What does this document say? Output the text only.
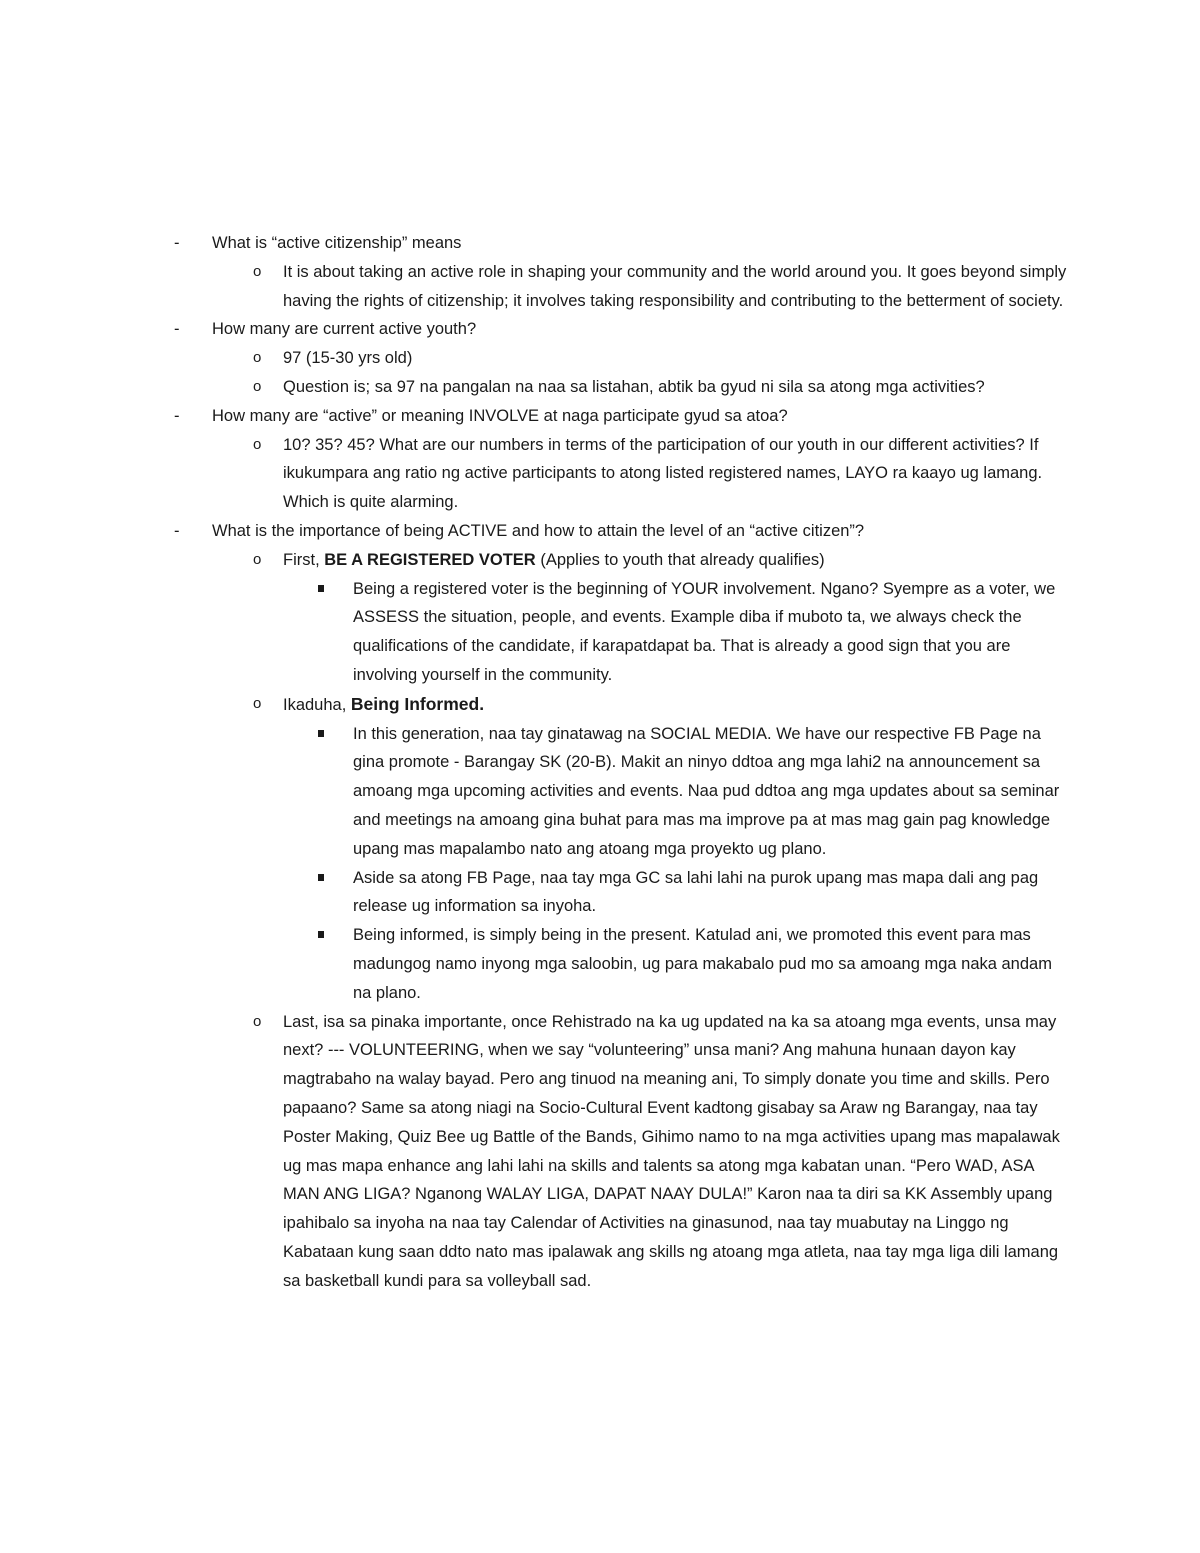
- What is “active citizenship” means
o It is about taking an active role in shaping your community and the world around you. It goes beyond simply having the rights of citizenship; it involves taking responsibility and contributing to the betterment of society.
- How many are current active youth?
o 97 (15-30 yrs old)
o Question is; sa 97 na pangalan na naa sa listahan, abtik ba gyud ni sila sa atong mga activities?
- How many are “active” or meaning INVOLVE at naga participate gyud sa atoa?
o 10? 35? 45? What are our numbers in terms of the participation of our youth in our different activities? If ikukumpara ang ratio ng active participants to atong listed registered names, LAYO ra kaayo ug lamang. Which is quite alarming.
- What is the importance of being ACTIVE and how to attain the level of an “active citizen”?
o First, BE A REGISTERED VOTER (Applies to youth that already qualifies)
Being a registered voter is the beginning of YOUR involvement. Ngano? Syempre as a voter, we ASSESS the situation, people, and events. Example diba if muboto ta, we always check the qualifications of the candidate, if karapatdapat ba. That is already a good sign that you are involving yourself in the community.
o Ikaduha, Being Informed.
In this generation, naa tay ginatawag na SOCIAL MEDIA. We have our respective FB Page na gina promote - Barangay SK (20-B). Makit an ninyo ddtoa ang mga lahi2 na announcement sa amoang mga upcoming activities and events. Naa pud ddtoa ang mga updates about sa seminar and meetings na amoang gina buhat para mas ma improve pa at mas mag gain pag knowledge upang mas mapalambo nato ang atoang mga proyekto ug plano.
Aside sa atong FB Page, naa tay mga GC sa lahi lahi na purok upang mas mapa dali ang pag release ug information sa inyoha.
Being informed, is simply being in the present. Katulad ani, we promoted this event para mas madungog namo inyong mga saloobin, ug para makabalo pud mo sa amoang mga naka andam na plano.
o Last, isa sa pinaka importante, once Rehistrado na ka ug updated na ka sa atoang mga events, unsa may next? --- VOLUNTEERING, when we say “volunteering” unsa mani? Ang mahuna hunaan dayon kay magtrabaho na walay bayad. Pero ang tinuod na meaning ani, To simply donate you time and skills. Pero papaano? Same sa atong niagi na Socio-Cultural Event kadtong gisabay sa Araw ng Barangay, naa tay Poster Making, Quiz Bee ug Battle of the Bands, Gihimo namo to na mga activities upang mas mapalawak ug mas mapa enhance ang lahi lahi na skills and talents sa atong mga kabatan unan. “Pero WAD, ASA MAN ANG LIGA? Nganong WALAY LIGA, DAPAT NAAY DULA!” Karon naa ta diri sa KK Assembly upang ipahibalo sa inyoha na naa tay Calendar of Activities na ginasunod, naa tay muabutay na Linggo ng Kabataan kung saan ddto nato mas ipalawak ang skills ng atoang mga atleta, naa tay mga liga dili lamang sa basketball kundi para sa volleyball sad.
